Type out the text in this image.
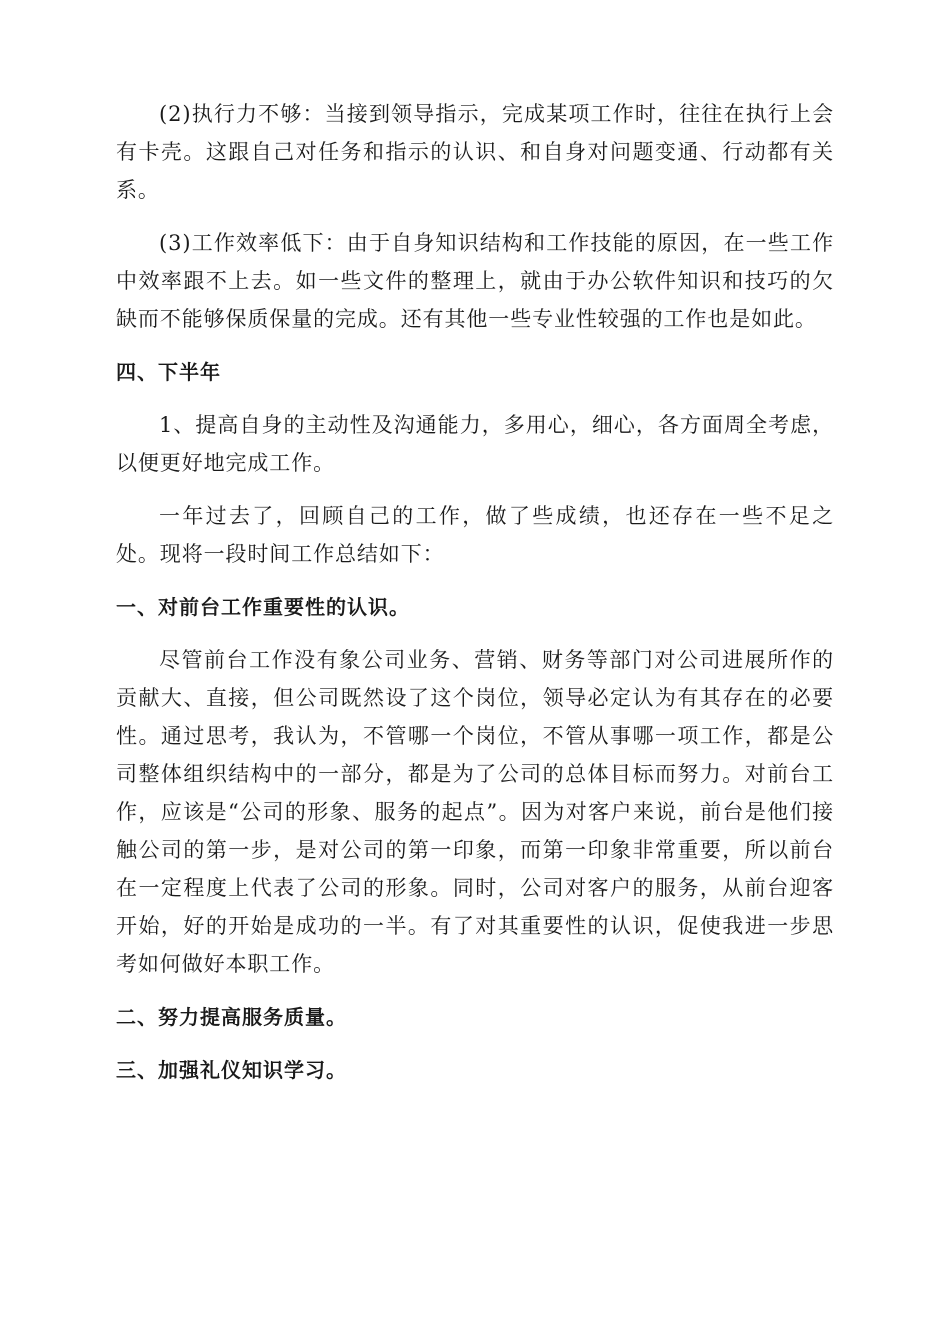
(2)执行力不够：当接到领导指示，完成某项工作时，往往在执行上会有卡壳。这跟自己对任务和指示的认识、和自身对问题变通、行动都有关系。

(3)工作效率低下：由于自身知识结构和工作技能的原因，在一些工作中效率跟不上去。如一些文件的整理上，就由于办公软件知识和技巧的欠缺而不能够保质保量的完成。还有其他一些专业性较强的工作也是如此。

四、下半年

1、提高自身的主动性及沟通能力，多用心，细心，各方面周全考虑，以便更好地完成工作。

一年过去了，回顾自己的工作，做了些成绩，也还存在一些不足之处。现将一段时间工作总结如下：

一、对前台工作重要性的认识。

尽管前台工作没有象公司业务、营销、财务等部门对公司进展所作的贡献大、直接，但公司既然设了这个岗位，领导必定认为有其存在的必要性。通过思考，我认为，不管哪一个岗位，不管从事哪一项工作，都是公司整体组织结构中的一部分，都是为了公司的总体目标而努力。对前台工作，应该是“公司的形象、服务的起点”。因为对客户来说，前台是他们接触公司的第一步，是对公司的第一印象，而第一印象非常重要，所以前台在一定程度上代表了公司的形象。同时，公司对客户的服务，从前台迎客开始，好的开始是成功的一半。有了对其重要性的认识，促使我进一步思考如何做好本职工作。

二、努力提高服务质量。
三、加强礼仪知识学习。
